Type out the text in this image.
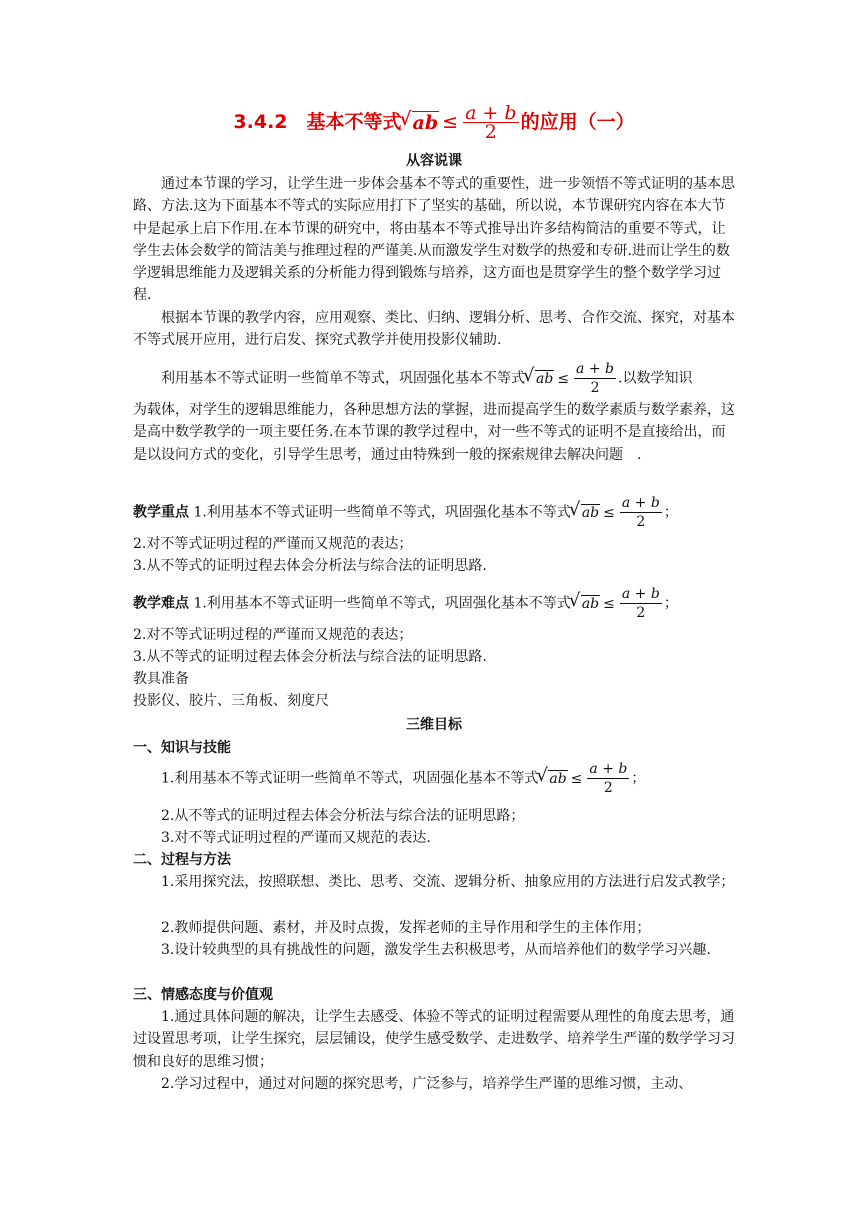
3.4.2　基本不等式 √ ab ≤ $\frac{a + b}{2}$ 的应用（一）
从容说课
通过本节课的学习，让学生进一步体会基本不等式的重要性，进一步领悟不等式证明的基本思路、方法.这为下面基本不等式的实际应用打下了坚实的基础，所以说，本节课研究内容在本大节中是起承上启下作用.在本节课的研究中，将由基本不等式推导出许多结构简洁的重要不等式，让学生去体会数学的简洁美与推理过程的严谨美.从而激发学生对数学的热爱和专研.进而让学生的数学逻辑思维能力及逻辑关系的分析能力得到锻炼与培养，这方面也是贯穿学生的整个数学学习过程.
根据本节课的教学内容，应用观察、类比、归纳、逻辑分析、思考、合作交流、探究，对基本不等式展开应用，进行启发、探究式教学并使用投影仪辅助.
利用基本不等式证明一些简单不等式，巩固强化基本不等式 √ ab ≤ $\frac{a + b}{2}$ .以数学知识
为载体，对学生的逻辑思维能力，各种思想方法的掌握，进而提高学生的数学素质与数学素养，这是高中数学教学的一项主要任务.在本节课的教学过程中，对一些不等式的证明不是直接给出，而是以设问方式的变化，引导学生思考，通过由特殊到一般的探索规律去解决问题　.
教学重点 1.利用基本不等式证明一些简单不等式，巩固强化基本不等式 √ ab ≤ $\frac{a + b}{2}$ ；
2.对不等式证明过程的严谨而又规范的表达；
3.从不等式的证明过程去体会分析法与综合法的证明思路.
教学难点 1.利用基本不等式证明一些简单不等式，巩固强化基本不等式 √ ab ≤ $\frac{a + b}{2}$ ；
2.对不等式证明过程的严谨而又规范的表达；
3.从不等式的证明过程去体会分析法与综合法的证明思路.
教具准备
投影仪、胶片、三角板、刻度尺
三维目标
一、知识与技能
1.利用基本不等式证明一些简单不等式，巩固强化基本不等式 √ ab ≤ $\frac{a + b}{2}$ ；
2.从不等式的证明过程去体会分析法与综合法的证明思路；
3.对不等式证明过程的严谨而又规范的表达.
二、过程与方法
1.采用探究法，按照联想、类比、思考、交流、逻辑分析、抽象应用的方法进行启发式教学；
2.教师提供问题、素材，并及时点拨，发挥老师的主导作用和学生的主体作用；
3.设计较典型的具有挑战性的问题，激发学生去积极思考，从而培养他们的数学学习兴趣.
三、情感态度与价值观
1.通过具体问题的解决，让学生去感受、体验不等式的证明过程需要从理性的角度去思考，通过设置思考项，让学生探究，层层铺设，使学生感受数学、走进数学、培养学生严谨的数学学习习惯和良好的思维习惯；
2.学习过程中，通过对问题的探究思考，广泛参与，培养学生严谨的思维习惯，主动、
